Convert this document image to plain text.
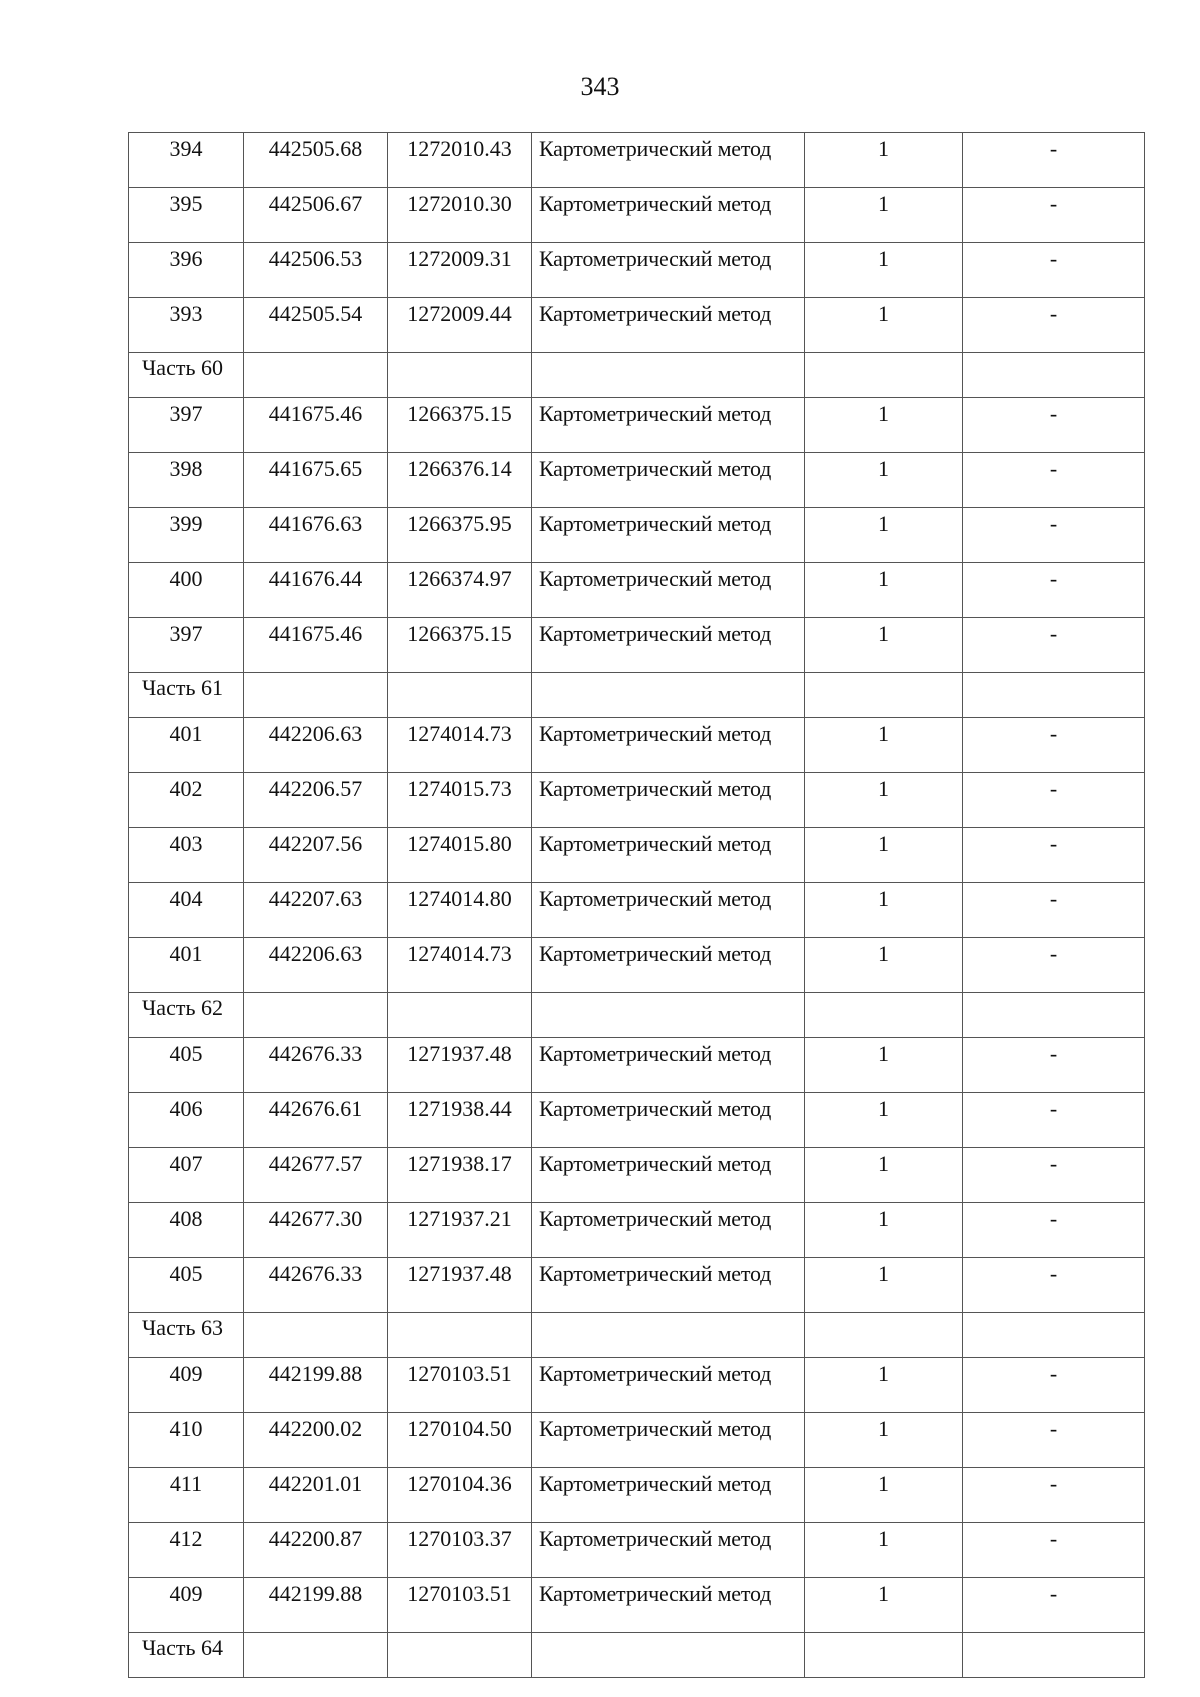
343
394	442505.68	1272010.43	Картометрический метод	1	-
395	442506.67	1272010.30	Картометрический метод	1	-
396	442506.53	1272009.31	Картометрический метод	1	-
393	442505.54	1272009.44	Картометрический метод	1	-
Часть 60					
397	441675.46	1266375.15	Картометрический метод	1	-
398	441675.65	1266376.14	Картометрический метод	1	-
399	441676.63	1266375.95	Картометрический метод	1	-
400	441676.44	1266374.97	Картометрический метод	1	-
397	441675.46	1266375.15	Картометрический метод	1	-
Часть 61					
401	442206.63	1274014.73	Картометрический метод	1	-
402	442206.57	1274015.73	Картометрический метод	1	-
403	442207.56	1274015.80	Картометрический метод	1	-
404	442207.63	1274014.80	Картометрический метод	1	-
401	442206.63	1274014.73	Картометрический метод	1	-
Часть 62					
405	442676.33	1271937.48	Картометрический метод	1	-
406	442676.61	1271938.44	Картометрический метод	1	-
407	442677.57	1271938.17	Картометрический метод	1	-
408	442677.30	1271937.21	Картометрический метод	1	-
405	442676.33	1271937.48	Картометрический метод	1	-
Часть 63					
409	442199.88	1270103.51	Картометрический метод	1	-
410	442200.02	1270104.50	Картометрический метод	1	-
411	442201.01	1270104.36	Картометрический метод	1	-
412	442200.87	1270103.37	Картометрический метод	1	-
409	442199.88	1270103.51	Картометрический метод	1	-
Часть 64					
